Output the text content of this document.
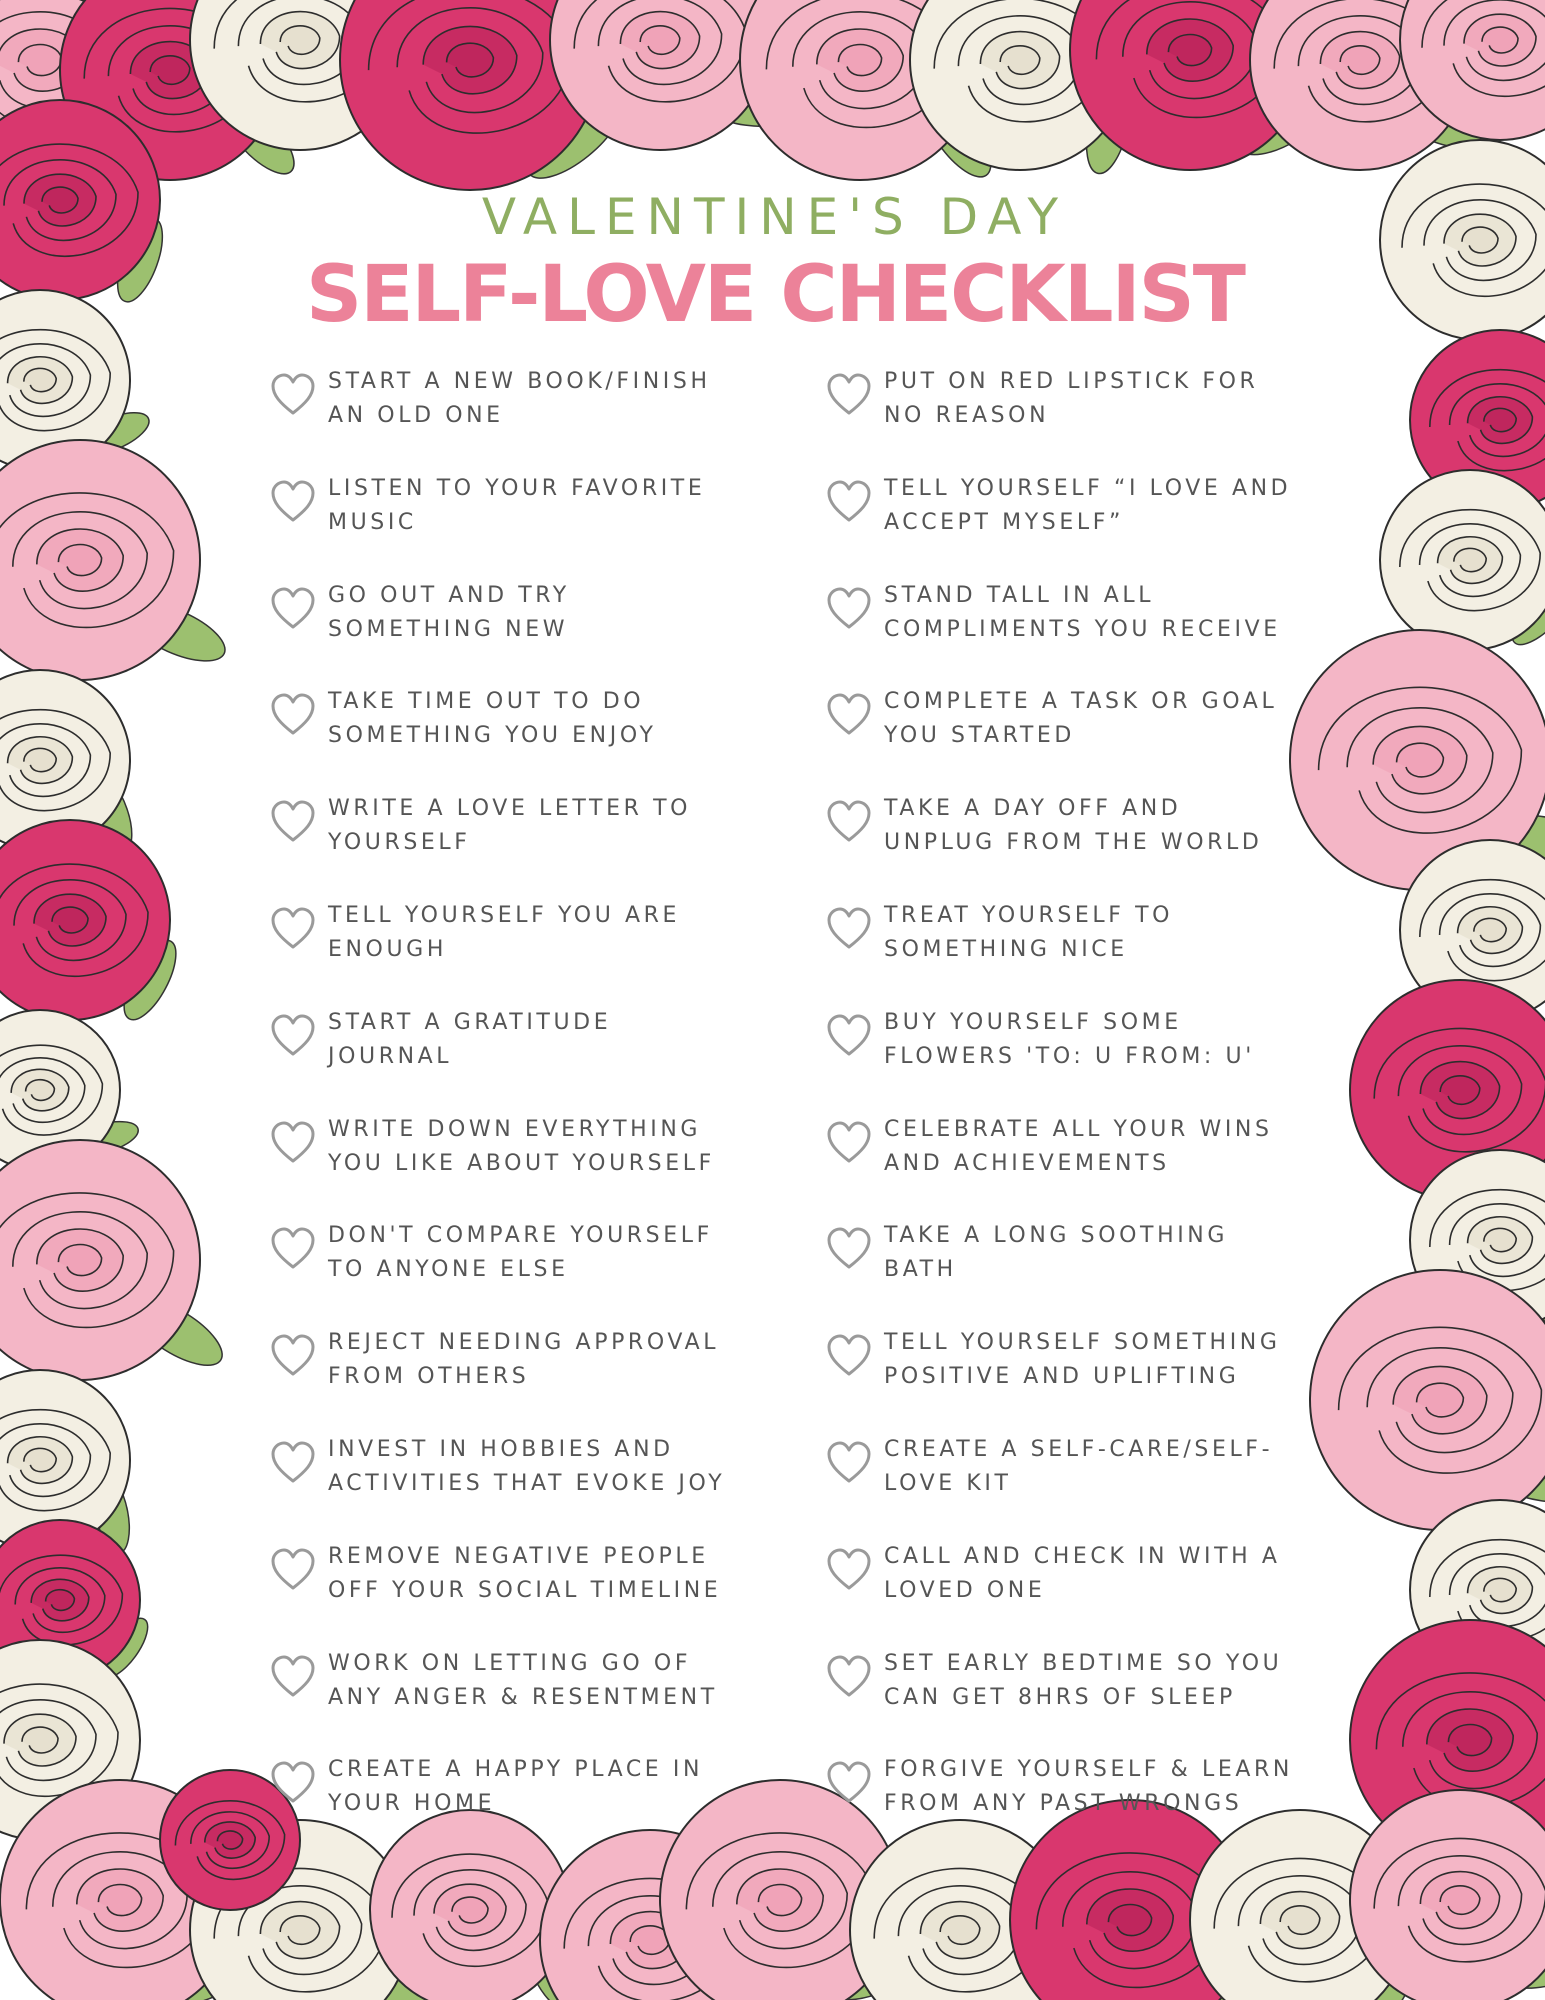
VALENTINE'S DAY
SELF-LOVE CHECKLIST
START A NEW BOOK/FINISH
AN OLD ONE
LISTEN TO YOUR FAVORITE
MUSIC
GO OUT AND TRY
SOMETHING NEW
TAKE TIME OUT TO DO
SOMETHING YOU ENJOY
WRITE A LOVE LETTER TO
YOURSELF
TELL YOURSELF YOU ARE
ENOUGH
START A GRATITUDE
JOURNAL
WRITE DOWN EVERYTHING
YOU LIKE ABOUT YOURSELF
DON'T COMPARE YOURSELF
TO ANYONE ELSE
REJECT NEEDING APPROVAL
FROM OTHERS
INVEST IN HOBBIES AND
ACTIVITIES THAT EVOKE JOY
REMOVE NEGATIVE PEOPLE
OFF YOUR SOCIAL TIMELINE
WORK ON LETTING GO OF
ANY ANGER & RESENTMENT
CREATE A HAPPY PLACE IN
YOUR HOME
PUT ON RED LIPSTICK FOR
NO REASON
TELL YOURSELF “I LOVE AND
ACCEPT MYSELF”
STAND TALL IN ALL
COMPLIMENTS YOU RECEIVE
COMPLETE A TASK OR GOAL
YOU STARTED
TAKE A DAY OFF AND
UNPLUG FROM THE WORLD
TREAT YOURSELF TO
SOMETHING NICE
BUY YOURSELF SOME
FLOWERS 'TO: U FROM: U'
CELEBRATE ALL YOUR WINS
AND ACHIEVEMENTS
TAKE A LONG SOOTHING
BATH
TELL YOURSELF SOMETHING
POSITIVE AND UPLIFTING
CREATE A SELF-CARE/SELF-
LOVE KIT
CALL AND CHECK IN WITH A
LOVED ONE
SET EARLY BEDTIME SO YOU
CAN GET 8HRS OF SLEEP
FORGIVE YOURSELF & LEARN
FROM ANY PAST WRONGS
